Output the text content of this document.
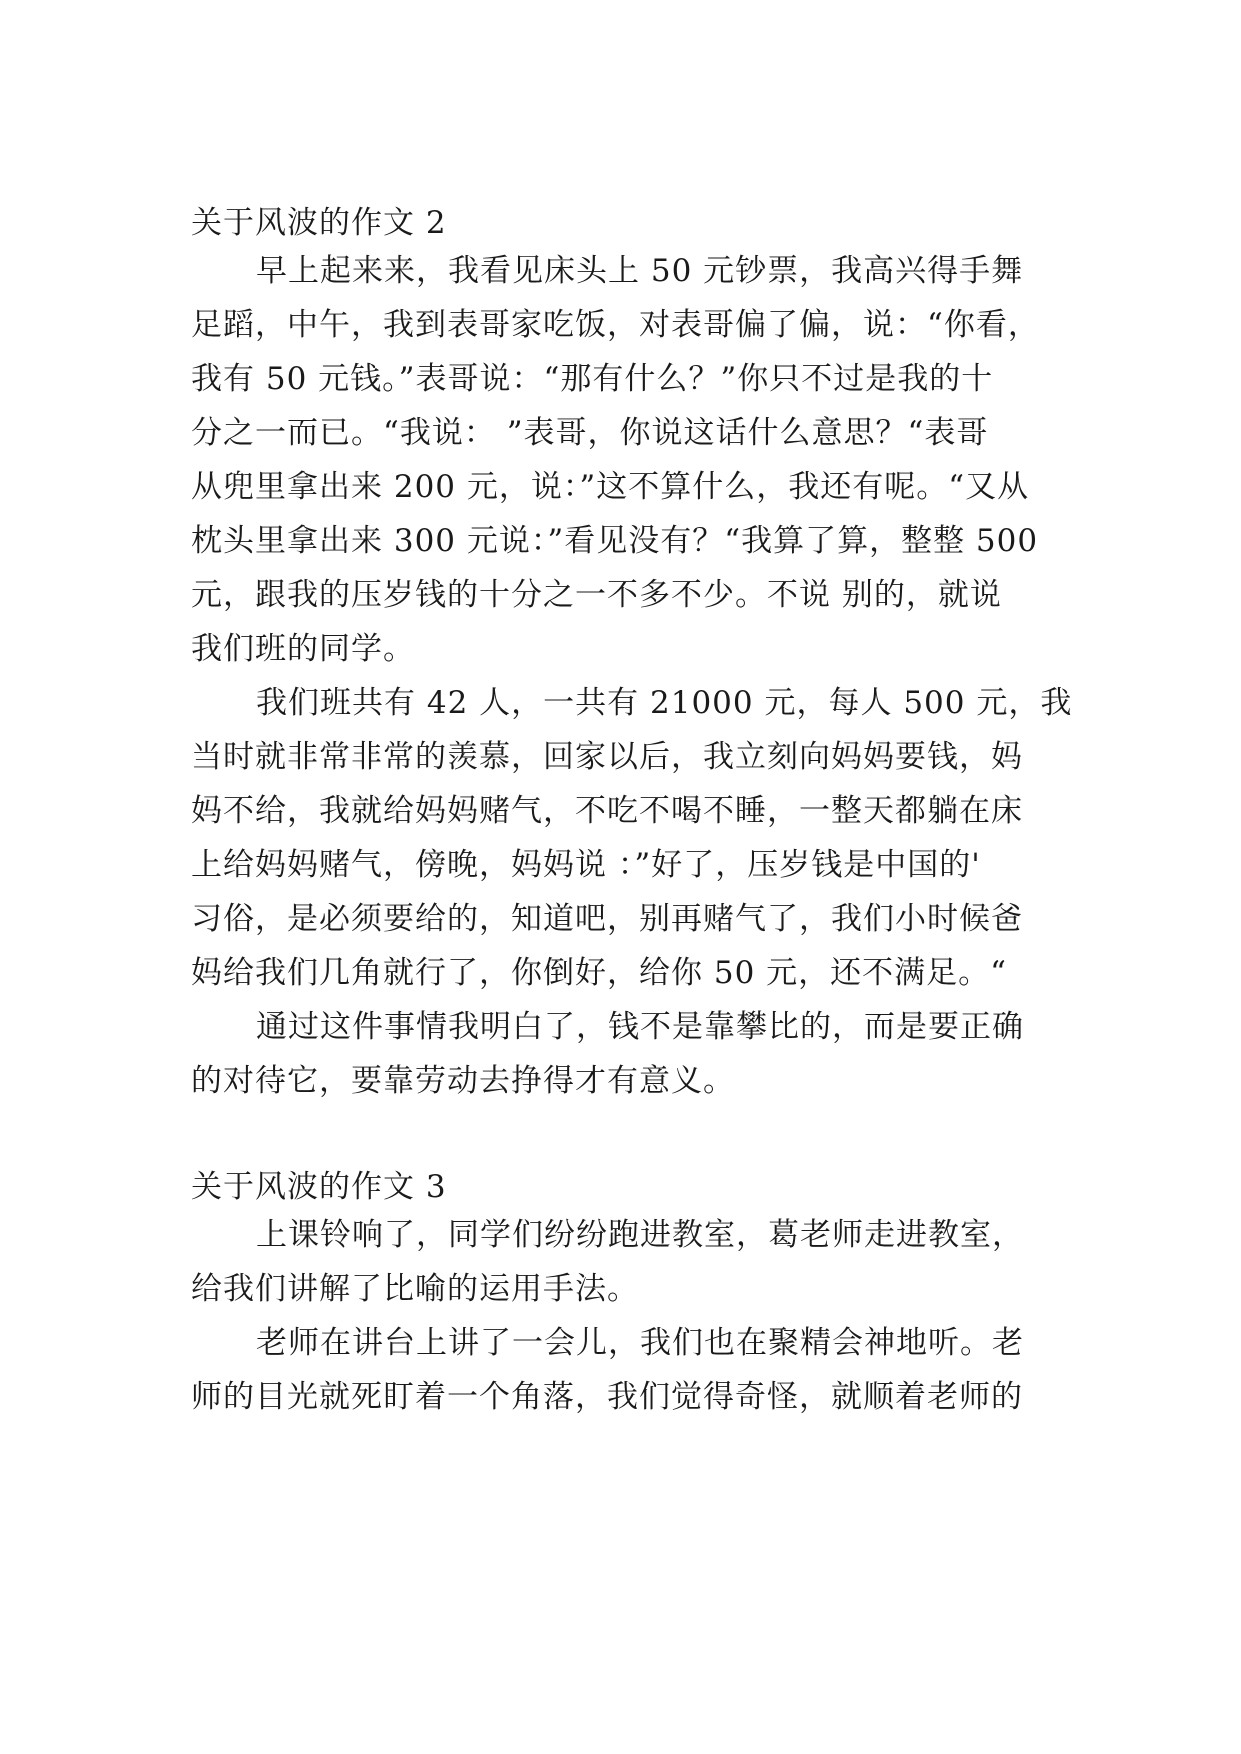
关于风波的作文 2
早上起来来，我看见床头上 50 元钞票，我高兴得手舞
足蹈，中午，我到表哥家吃饭，对表哥偏了偏，说：“你看，
我有 50 元钱。”表哥说：“那有什么？”你只不过是我的十
分之一而已。“我说： ”表哥，你说这话什么意思？“表哥
从兜里拿出来 200 元，说：”这不算什么，我还有呢。“又从
枕头里拿出来 300 元说：”看见没有？“我算了算，整整 500
元，跟我的压岁钱的十分之一不多不少。不说 别的，就说
我们班的同学。
我们班共有 42 人，一共有 21000 元，每人 500 元，我
当时就非常非常的羡慕，回家以后，我立刻向妈妈要钱，妈
妈不给，我就给妈妈赌气，不吃不喝不睡，一整天都躺在床
上给妈妈赌气，傍晚，妈妈说 ：”好了，压岁钱是中国的'
习俗，是必须要给的，知道吧，别再赌气了，我们小时候爸
妈给我们几角就行了，你倒好，给你 50 元，还不满足。“
通过这件事情我明白了，钱不是靠攀比的，而是要正确
的对待它，要靠劳动去挣得才有意义。
关于风波的作文 3
上课铃响了，同学们纷纷跑进教室，葛老师走进教室，
给我们讲解了比喻的运用手法。
老师在讲台上讲了一会儿，我们也在聚精会神地听。老
师的目光就死盯着一个角落，我们觉得奇怪，就顺着老师的
